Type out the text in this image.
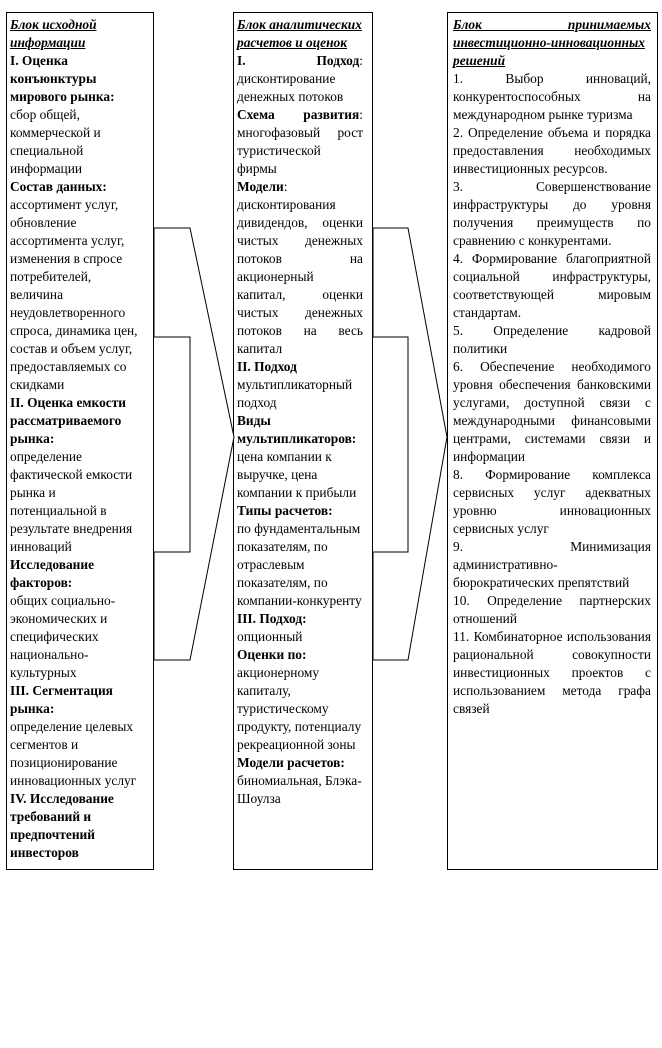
Блок исходной информации

I. Оценка конъюнктуры мирового рынка:

сбор общей, коммерческой и специальной информации

Состав данных:

ассортимент услуг, обновление ассортимента услуг, изменения в спросе потребителей, величина неудовлетворенного спроса, динамика цен, состав и объем услуг, предоставляемых со скидками

II. Оценка емкости рассматриваемого рынка:

определение фактической емкости рынка и потенциальной в результате внедрения инноваций

Исследование факторов:

общих социально-экономических и специфических национально-культурных

III. Сегментация рынка:

определение целевых сегментов и позиционирование инновационных услуг

IV. Исследование требований и предпочтений инвесторов

Блок аналитических расчетов и оценок

I. Подход: дисконтирование денежных потоков

Схема развития: многофазовый рост туристической фирмы

Модели: дисконтирования дивидендов, оценки чистых денежных потоков на акционерный капитал, оценки чистых денежных потоков на весь капитал

II. Подход

мультипликаторный подход

Виды мультипликаторов: цена компании к выручке, цена компании к прибыли

Типы расчетов:

по фундаментальным показателям, по отраслевым показателям, по компании-конкуренту

III. Подход:

опционный

Оценки по:

акционерному капиталу, туристическому продукту, потенциалу рекреационной зоны

Модели расчетов:

биномиальная, Блэка-Шоулза

Блок принимаемых инвестиционно-инновационных решений

1. Выбор инноваций, конкурентоспособных на международном рынке туризма

2. Определение объема и порядка предоставления необходимых инвестиционных ресурсов.

3. Совершенствование инфраструктуры до уровня получения преимуществ по сравнению с конкурентами.

4. Формирование благоприятной социальной инфраструктуры, соответствующей мировым стандартам.

5. Определение кадровой политики

6. Обеспечение необходимого уровня обеспечения банковскими услугами, доступной связи с международными финансовыми центрами, системами связи и информации

8. Формирование комплекса сервисных услуг адекватных уровню инновационных сервисных услуг

9. Минимизация административно-бюрократических препятствий

10. Определение партнерских отношений

11. Комбинаторное использования рациональной совокупности инвестиционных проектов с использованием метода графа связей
